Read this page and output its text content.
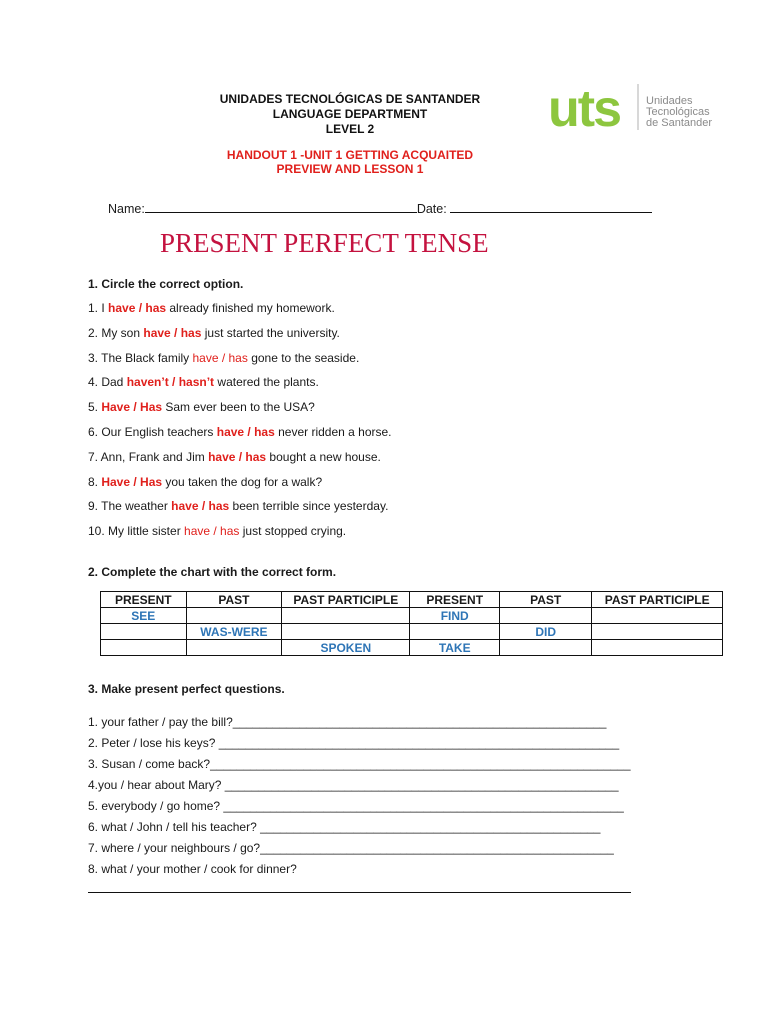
UNIDADES TECNOLÓGICAS DE SANTANDER
LANGUAGE DEPARTMENT
LEVEL 2
HANDOUT 1 -UNIT 1 GETTING ACQUAITED
PREVIEW AND LESSON 1
uts Unidades
Tecnológicas
de Santander
Name:	Date:
PRESENT PERFECT TENSE
1. Circle the correct option.
1. I have / has already finished my homework.
2. My son have / has just started the university.
3. The Black family have / has gone to the seaside.
4. Dad haven’t / hasn’t watered the plants.
5. Have / Has Sam ever been to the USA?
6. Our English teachers have / has never ridden a horse.
7. Ann, Frank and Jim have / has bought a new house.
8. Have / Has you taken the dog for a walk?
9. The weather have / has been terrible since yesterday.
10. My little sister have / has just stopped crying.
2. Complete the chart with the correct form.
PRESENT	PAST	PAST PARTICIPLE	PRESENT	PAST	PAST PARTICIPLE
SEE			FIND		
	WAS-WERE			DID	
		SPOKEN	TAKE		
3. Make present perfect questions.
1. your father / pay the bill?________________________________________________________
2. Peter / lose his keys? ____________________________________________________________
3. Susan / come back?_______________________________________________________________
4.you / hear about Mary? ___________________________________________________________
5. everybody / go home? ____________________________________________________________
6. what / John / tell his teacher? ___________________________________________________
7. where / your neighbours / go?_____________________________________________________
8. what / your mother / cook for dinner?
